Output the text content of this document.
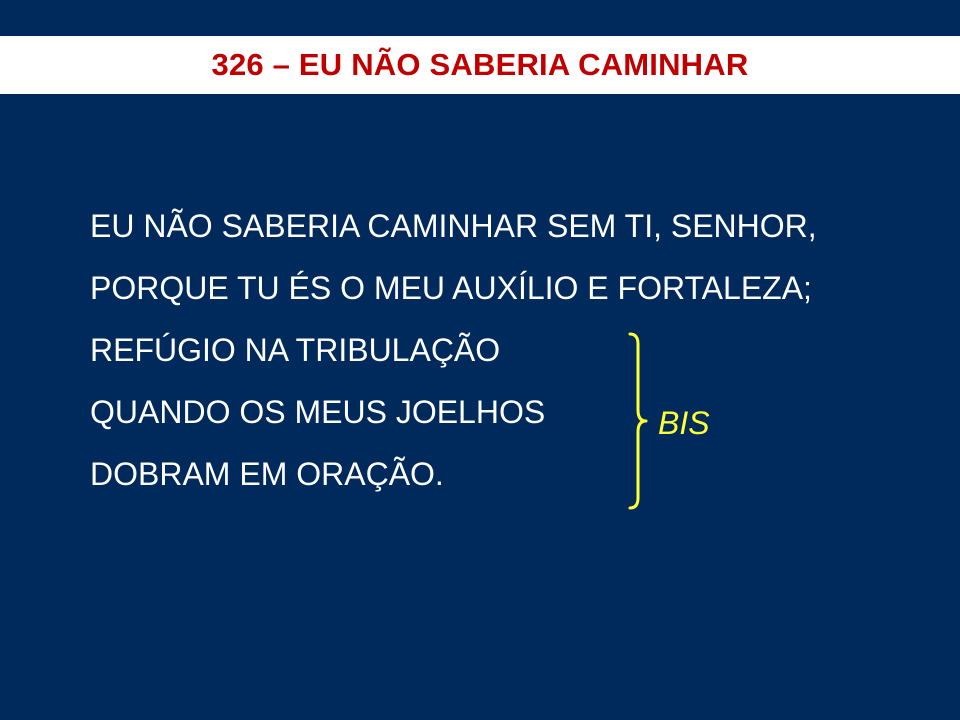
326 – EU NÃO SABERIA CAMINHAR
EU NÃO SABERIA CAMINHAR SEM TI, SENHOR,
PORQUE TU ÉS O MEU AUXÍLIO E FORTALEZA;
REFÚGIO NA TRIBULAÇÃO
QUANDO OS MEUS JOELHOS
DOBRAM EM ORAÇÃO.
BIS
